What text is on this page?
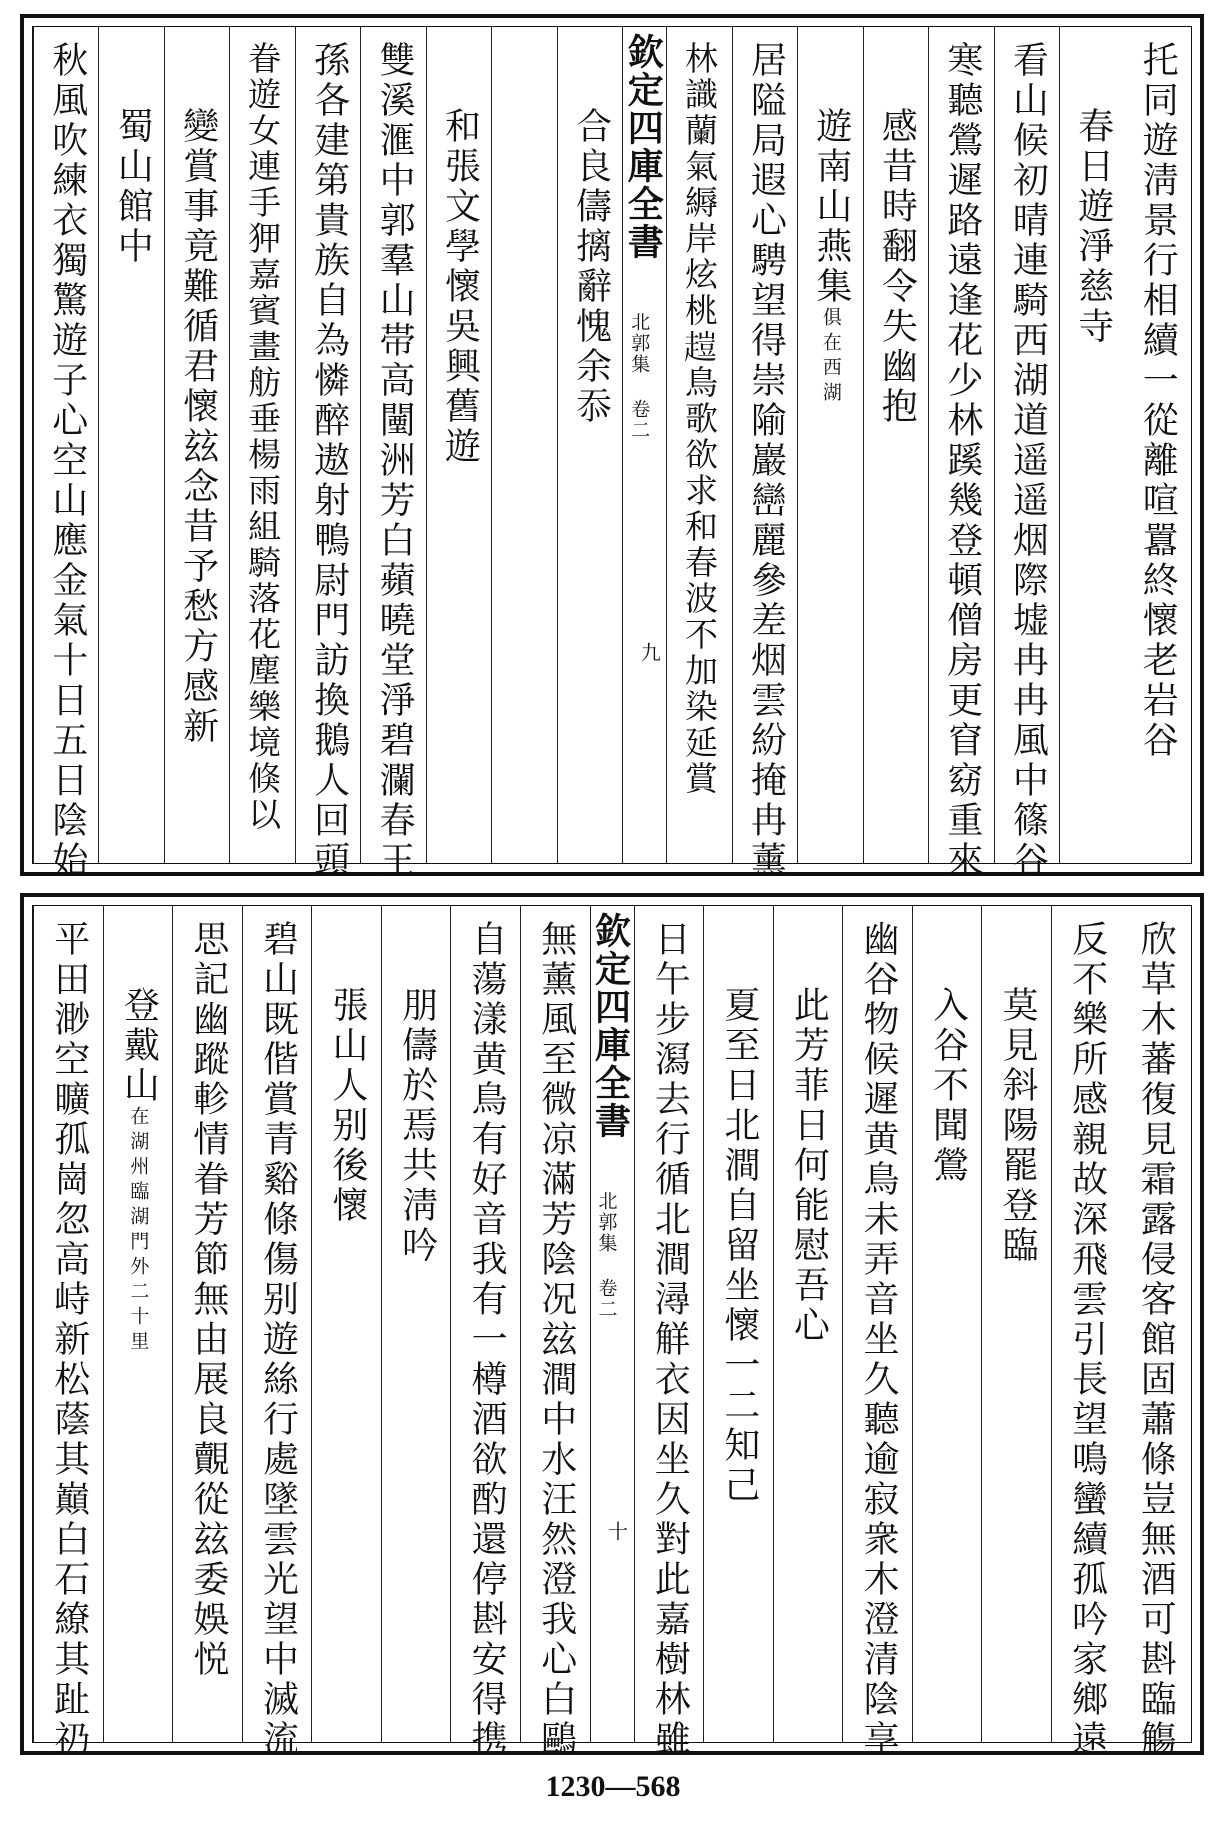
托同遊淸景行相續一從離喧囂終懷老岩谷
春日遊淨慈寺
看山候初晴連騎西湖道遥遥烟際墟冉冉風中篠谷
寒聽鶯遲路遠逢花少林蹊幾登頓僧房更窅窈重來
感昔時翻令失幽抱
遊南山燕集俱在西湖
居隘局遐心騁望得崇隃巖巒麗參差烟雲紛掩冉薰
林識蘭氣縟岸炫桃𧽊鳥歌欲求和春波不加染延賞
欽定四庫全書
北郭集 卷二
九
合良儔摛辭愧余忝
和張文學懷吳興舊遊
雙溪滙中郭羣山帯高闉洲芳白蘋曉堂淨碧瀾春王
孫各建第貴族自為憐醉遨射鴨尉門訪換鵝人回頭
眷遊女連手狎嘉賓畫舫垂楊雨組騎落花塵樂境倏以
變賞事竟難循君懷玆念昔予愁方感新
蜀山館中
秋風吹練衣獨驚遊子心空山應金氣十日五日陰始
欣草木蕃復見霜露侵客館固蕭條豈無酒可斟臨觴
反不樂所感親故深飛雲引長望鳴蠻續孤吟家鄉遠
莫見斜陽罷登臨
入谷不聞鶯
幽谷物候遲黄鳥未弄音坐久聽逾寂衆木澄清陰享
此芳菲日何能慰吾心
夏至日北澗自留坐懷一二知己
日午步㵼去行循北澗潯觧衣因坐久對此嘉樹林雖
欽定四庫全書
北郭集 卷二
十
無薰風至微凉滿芳陰况玆澗中水汪然澄我心白鷗
自蕩漾黄鳥有好音我有一樽酒欲酌還停斟安得携
朋儔於焉共淸吟
張山人别後懷
碧山既偕賞青谿條傷别遊絲行處墜雲光望中滅流
思記幽蹤軫情眷芳節無由展良覿從玆委娛悦
登戴山在湖州臨湖門外二十里
平田渺空曠孤崗忽高峙新松蔭其巔白石繚其趾礽
1230—568
